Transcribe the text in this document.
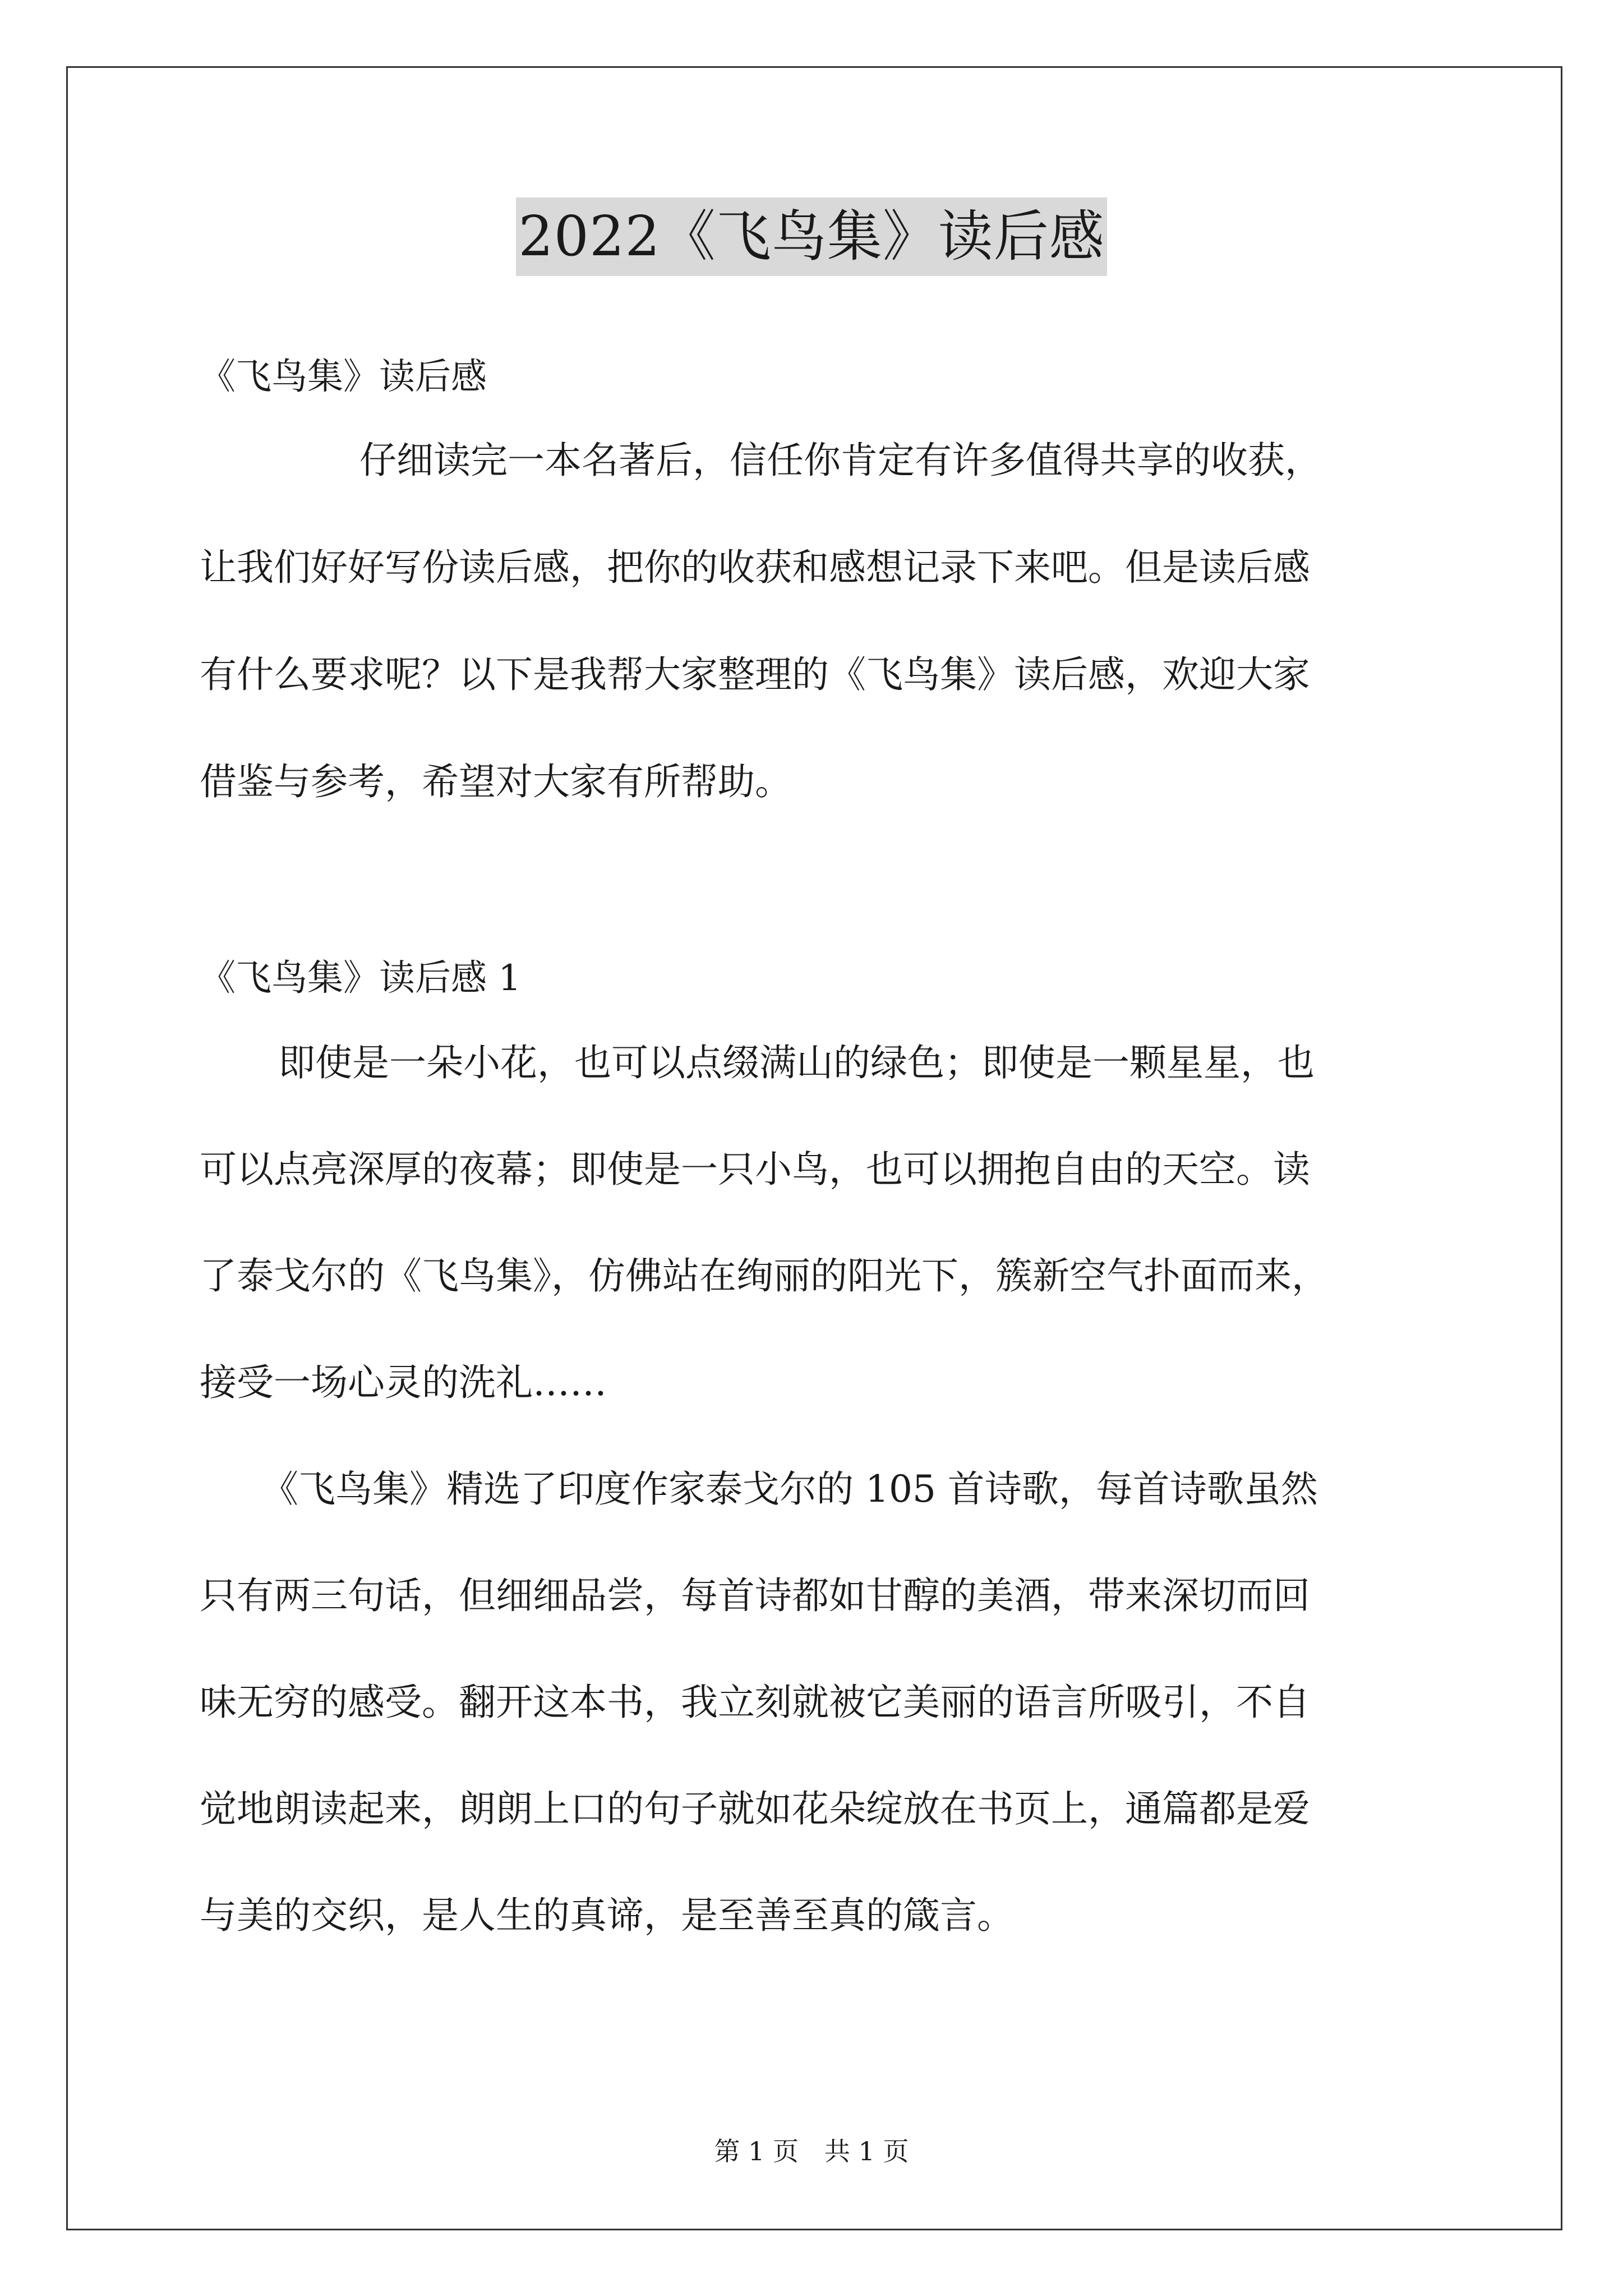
2022《飞鸟集》读后感

《飞鸟集》读后感

仔细读完一本名著后，信任你肯定有许多值得共享的收获，

让我们好好写份读后感，把你的收获和感想记录下来吧。但是读后感

有什么要求呢？以下是我帮大家整理的《飞鸟集》读后感，欢迎大家

借鉴与参考，希望对大家有所帮助。

《飞鸟集》读后感 1

即使是一朵小花，也可以点缀满山的绿色；即使是一颗星星，也

可以点亮深厚的夜幕；即使是一只小鸟，也可以拥抱自由的天空。读

了泰戈尔的《飞鸟集》，仿佛站在绚丽的阳光下，簇新空气扑面而来，

接受一场心灵的洗礼……

《飞鸟集》精选了印度作家泰戈尔的 105 首诗歌，每首诗歌虽然

只有两三句话，但细细品尝，每首诗都如甘醇的美酒，带来深切而回

味无穷的感受。翻开这本书，我立刻就被它美丽的语言所吸引，不自

觉地朗读起来，朗朗上口的句子就如花朵绽放在书页上，通篇都是爱

与美的交织，是人生的真谛，是至善至真的箴言。

第 1 页　共 1 页
